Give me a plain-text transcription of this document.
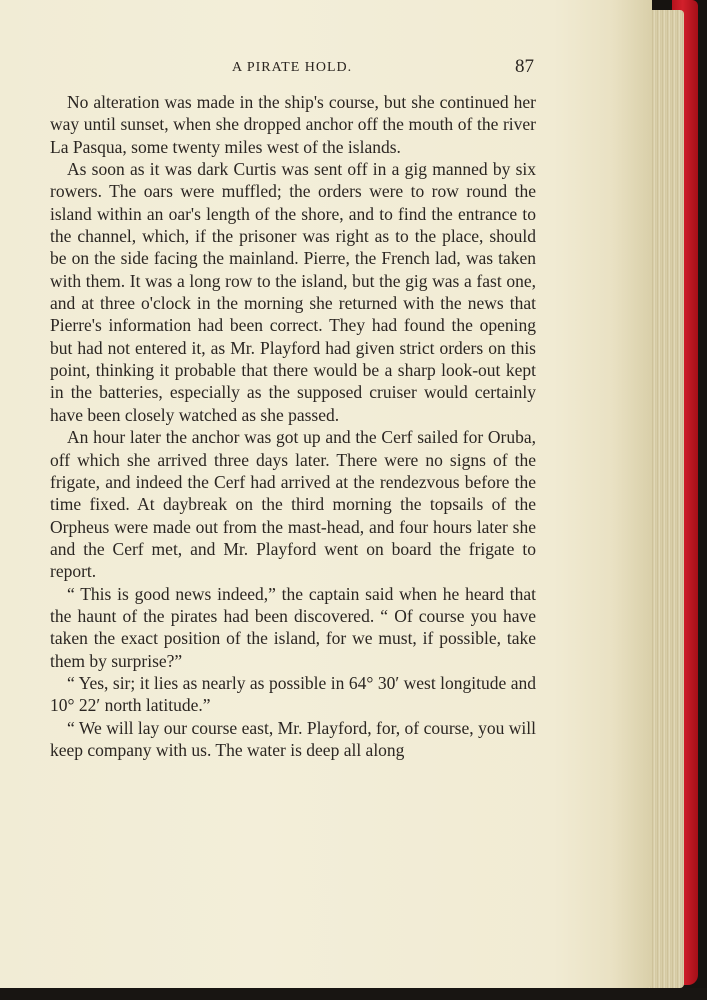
A PIRATE HOLD.	87

No alteration was made in the ship's course, but she continued her way until sunset, when she dropped anchor off the mouth of the river La Pasqua, some twenty miles west of the islands.

As soon as it was dark Curtis was sent off in a gig manned by six rowers. The oars were muffled; the orders were to row round the island within an oar's length of the shore, and to find the entrance to the channel, which, if the prisoner was right as to the place, should be on the side facing the mainland. Pierre, the French lad, was taken with them. It was a long row to the island, but the gig was a fast one, and at three o'clock in the morning she returned with the news that Pierre's information had been correct. They had found the opening but had not entered it, as Mr. Playford had given strict orders on this point, thinking it probable that there would be a sharp look-out kept in the batteries, especially as the supposed cruiser would certainly have been closely watched as she passed.

An hour later the anchor was got up and the Cerf sailed for Oruba, off which she arrived three days later. There were no signs of the frigate, and indeed the Cerf had arrived at the rendezvous before the time fixed. At daybreak on the third morning the topsails of the Orpheus were made out from the mast-head, and four hours later she and the Cerf met, and Mr. Playford went on board the frigate to report.

“ This is good news indeed,” the captain said when he heard that the haunt of the pirates had been discovered. “ Of course you have taken the exact position of the island, for we must, if possible, take them by surprise?”

“ Yes, sir; it lies as nearly as possible in 64° 30′ west longitude and 10° 22′ north latitude.”

“ We will lay our course east, Mr. Playford, for, of course, you will keep company with us. The water is deep all along
